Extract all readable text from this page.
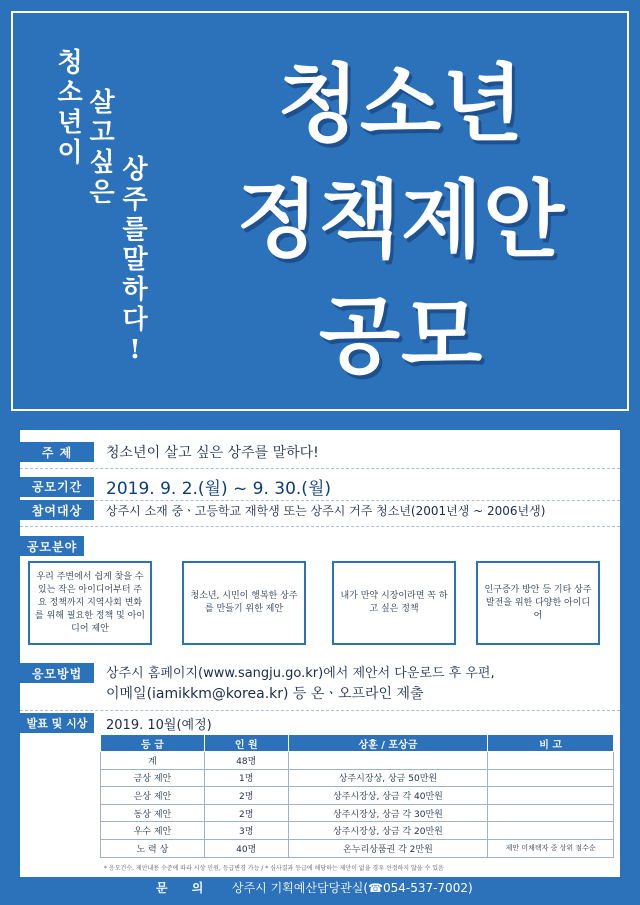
청
소
년
이
살
고
싶
은
상
주
를
말
하
다
!
청소년
정책제안
공모
주 제	청소년이 살고 싶은 상주를 말하다!
공모기간	2019. 9. 2.(월) ~ 9. 30.(월)
참여대상	상주시 소재 중ㆍ고등학교 재학생 또는 상주시 거주 청소년(2001년생 ~ 2006년생)
공모분야
우리 주변에서 쉽게 찾을 수 있는 작은 아이디어부터 주요 정책까지 지역사회 변화를 위해 필요한 정책 및 아이디어 제안
청소년, 시민이 행복한 상주를 만들기 위한 제안
내가 만약 시장이라면 꼭 하고 싶은 정책
인구증가 방안 등 기타 상주 발전을 위한 다양한 아이디어
응모방법	상주시 홈페이지(www.sangju.go.kr)에서 제안서 다운로드 후 우편,
이메일(iamikkm@korea.kr) 등 온ㆍ오프라인 제출
발표 및 시상	2019. 10월(예정)
등 급	인 원	상훈 / 포상금	비 고
계	48명		
금상 제안	1명	상주시장상, 상금 50만원	
은상 제안	2명	상주시장상, 상금 각 40만원	
동상 제안	2명	상주시장상, 상금 각 30만원	
우수 제안	3명	상주시장상, 상금 각 20만원	
노 력 상	40명	온누리상품권 각 2만원	제안 미채택자 중 상위 점수순
* 응모건수, 제안내용 수준에 따라 시상 인원, 등급변경 가능 / * 심사결과 등급에 해당하는 제안이 없을 경우 선정하지 않을 수 있음
문 의	상주시 기획예산담당관실(☎054-537-7002)
